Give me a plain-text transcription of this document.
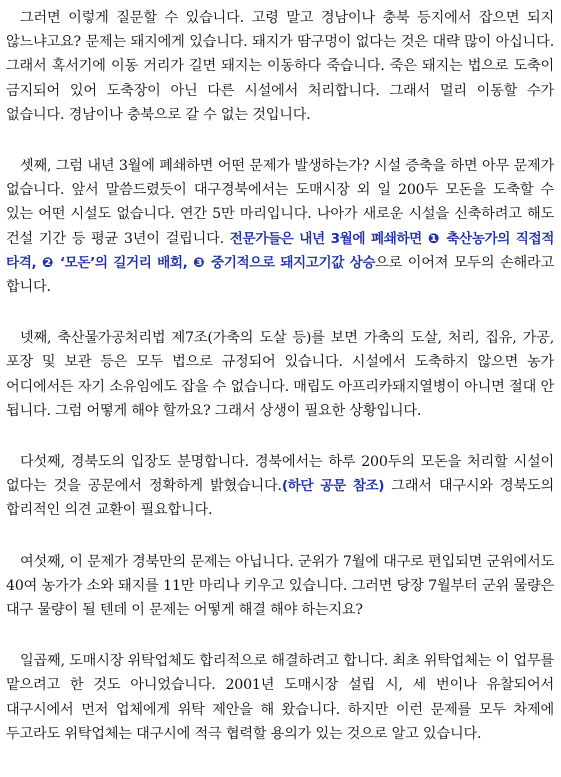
그러면 이렇게 질문할 수 있습니다. 고령 말고 경남이나 충북 등지에서 잡으면 되지 않느냐고요? 문제는 돼지에게 있습니다. 돼지가 땀구멍이 없다는 것은 대략 많이 아십니다. 그래서 혹서기에 이동 거리가 길면 돼지는 이동하다 죽습니다. 죽은 돼지는 법으로 도축이 금지되어 있어 도축장이 아닌 다른 시설에서 처리합니다. 그래서 멀리 이동할 수가 없습니다. 경남이나 충북으로 갈 수 없는 것입니다.

셋째, 그럼 내년 3월에 폐쇄하면 어떤 문제가 발생하는가? 시설 증축을 하면 아무 문제가 없습니다. 앞서 말씀드렸듯이 대구경북에서는 도매시장 외 일 200두 모돈을 도축할 수 있는 어떤 시설도 없습니다. 연간 5만 마리입니다. 나아가 새로운 시설을 신축하려고 해도 건설 기간 등 평균 3년이 걸립니다. 전문가들은 내년 3월에 폐쇄하면 ❶ 축산농가의 직접적 타격, ❷ ‘모돈’의 길거리 배회, ❸ 중기적으로 돼지고기값 상승으로 이어져 모두의 손해라고 합니다.

넷째, 축산물가공처리법 제7조(가축의 도살 등)를 보면 가축의 도살, 처리, 집유, 가공, 포장 및 보관 등은 모두 법으로 규정되어 있습니다. 시설에서 도축하지 않으면 농가 어디에서든 자기 소유임에도 잡을 수 없습니다. 매립도 아프리카돼지열병이 아니면 절대 안 됩니다. 그럼 어떻게 해야 할까요? 그래서 상생이 필요한 상황입니다.

다섯째, 경북도의 입장도 분명합니다. 경북에서는 하루 200두의 모돈을 처리할 시설이 없다는 것을 공문에서 정확하게 밝혔습니다.(하단 공문 참조) 그래서 대구시와 경북도의 합리적인 의견 교환이 필요합니다.

여섯째, 이 문제가 경북만의 문제는 아닙니다. 군위가 7월에 대구로 편입되면 군위에서도 40여 농가가 소와 돼지를 11만 마리나 키우고 있습니다. 그러면 당장 7월부터 군위 물량은 대구 물량이 될 텐데 이 문제는 어떻게 해결 해야 하는지요?

일곱째, 도매시장 위탁업체도 합리적으로 해결하려고 합니다. 최초 위탁업체는 이 업무를 맡으려고 한 것도 아니었습니다. 2001년 도매시장 설립 시, 세 번이나 유찰되어서 대구시에서 먼저 업체에게 위탁 제안을 해 왔습니다. 하지만 이런 문제를 모두 차제에 두고라도 위탁업체는 대구시에 적극 협력할 용의가 있는 것으로 알고 있습니다.
